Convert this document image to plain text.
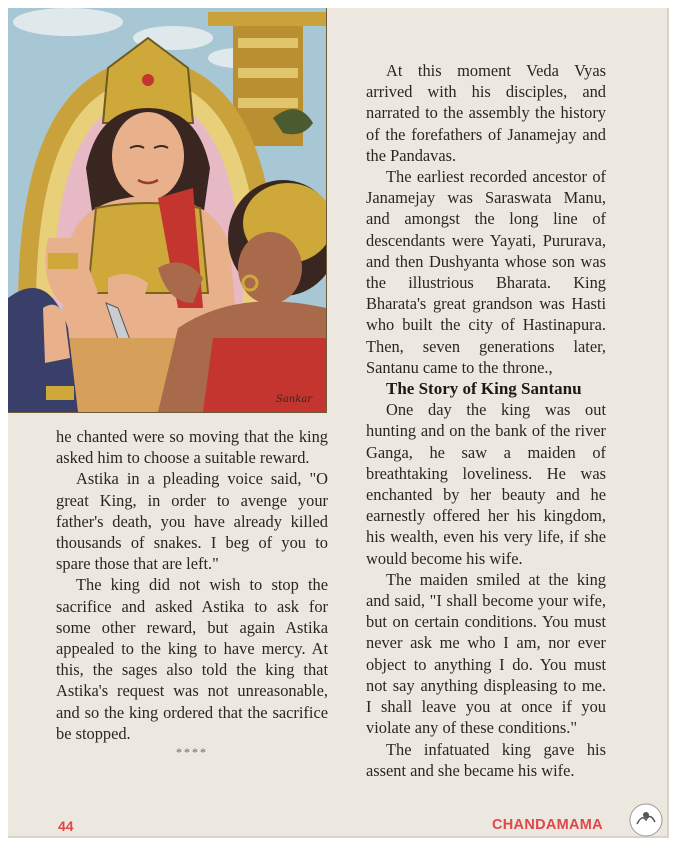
Sankar

he chanted were so moving that the king asked him to choose a suitable reward.

Astika in a pleading voice said, "O great King, in order to avenge your father's death, you have already killed thousands of snakes. I beg of you to spare those that are left."

The king did not wish to stop the sacrifice and asked Astika to ask for some other reward, but again Astika appealed to the king to have mercy. At this, the sages also told the king that Astika's request was not unreasonable, and so the king ordered that the sacrifice be stopped.

****

At this moment Veda Vyas arrived with his disciples, and narrated to the assembly the history of the forefathers of Janamejay and the Pandavas.

The earliest recorded ancestor of Janamejay was Saraswata Manu, and amongst the long line of descendants were Yayati, Pururava, and then Dushyanta whose son was the illustrious Bharata. King Bharata's great grandson was Hasti who built the city of Hastinapura. Then, seven generations later, Santanu came to the throne.,

The Story of King Santanu

One day the king was out hunting and on the bank of the river Ganga, he saw a maiden of breathtaking loveliness. He was enchanted by her beauty and he earnestly offered her his kingdom, his wealth, even his very life, if she would become his wife.

The maiden smiled at the king and said, "I shall become your wife, but on certain conditions. You must never ask me who I am, nor ever object to anything I do. You must not say anything displeasing to me. I shall leave you at once if you violate any of these conditions."

The infatuated king gave his assent and she became his wife.

44	CHANDAMAMA
